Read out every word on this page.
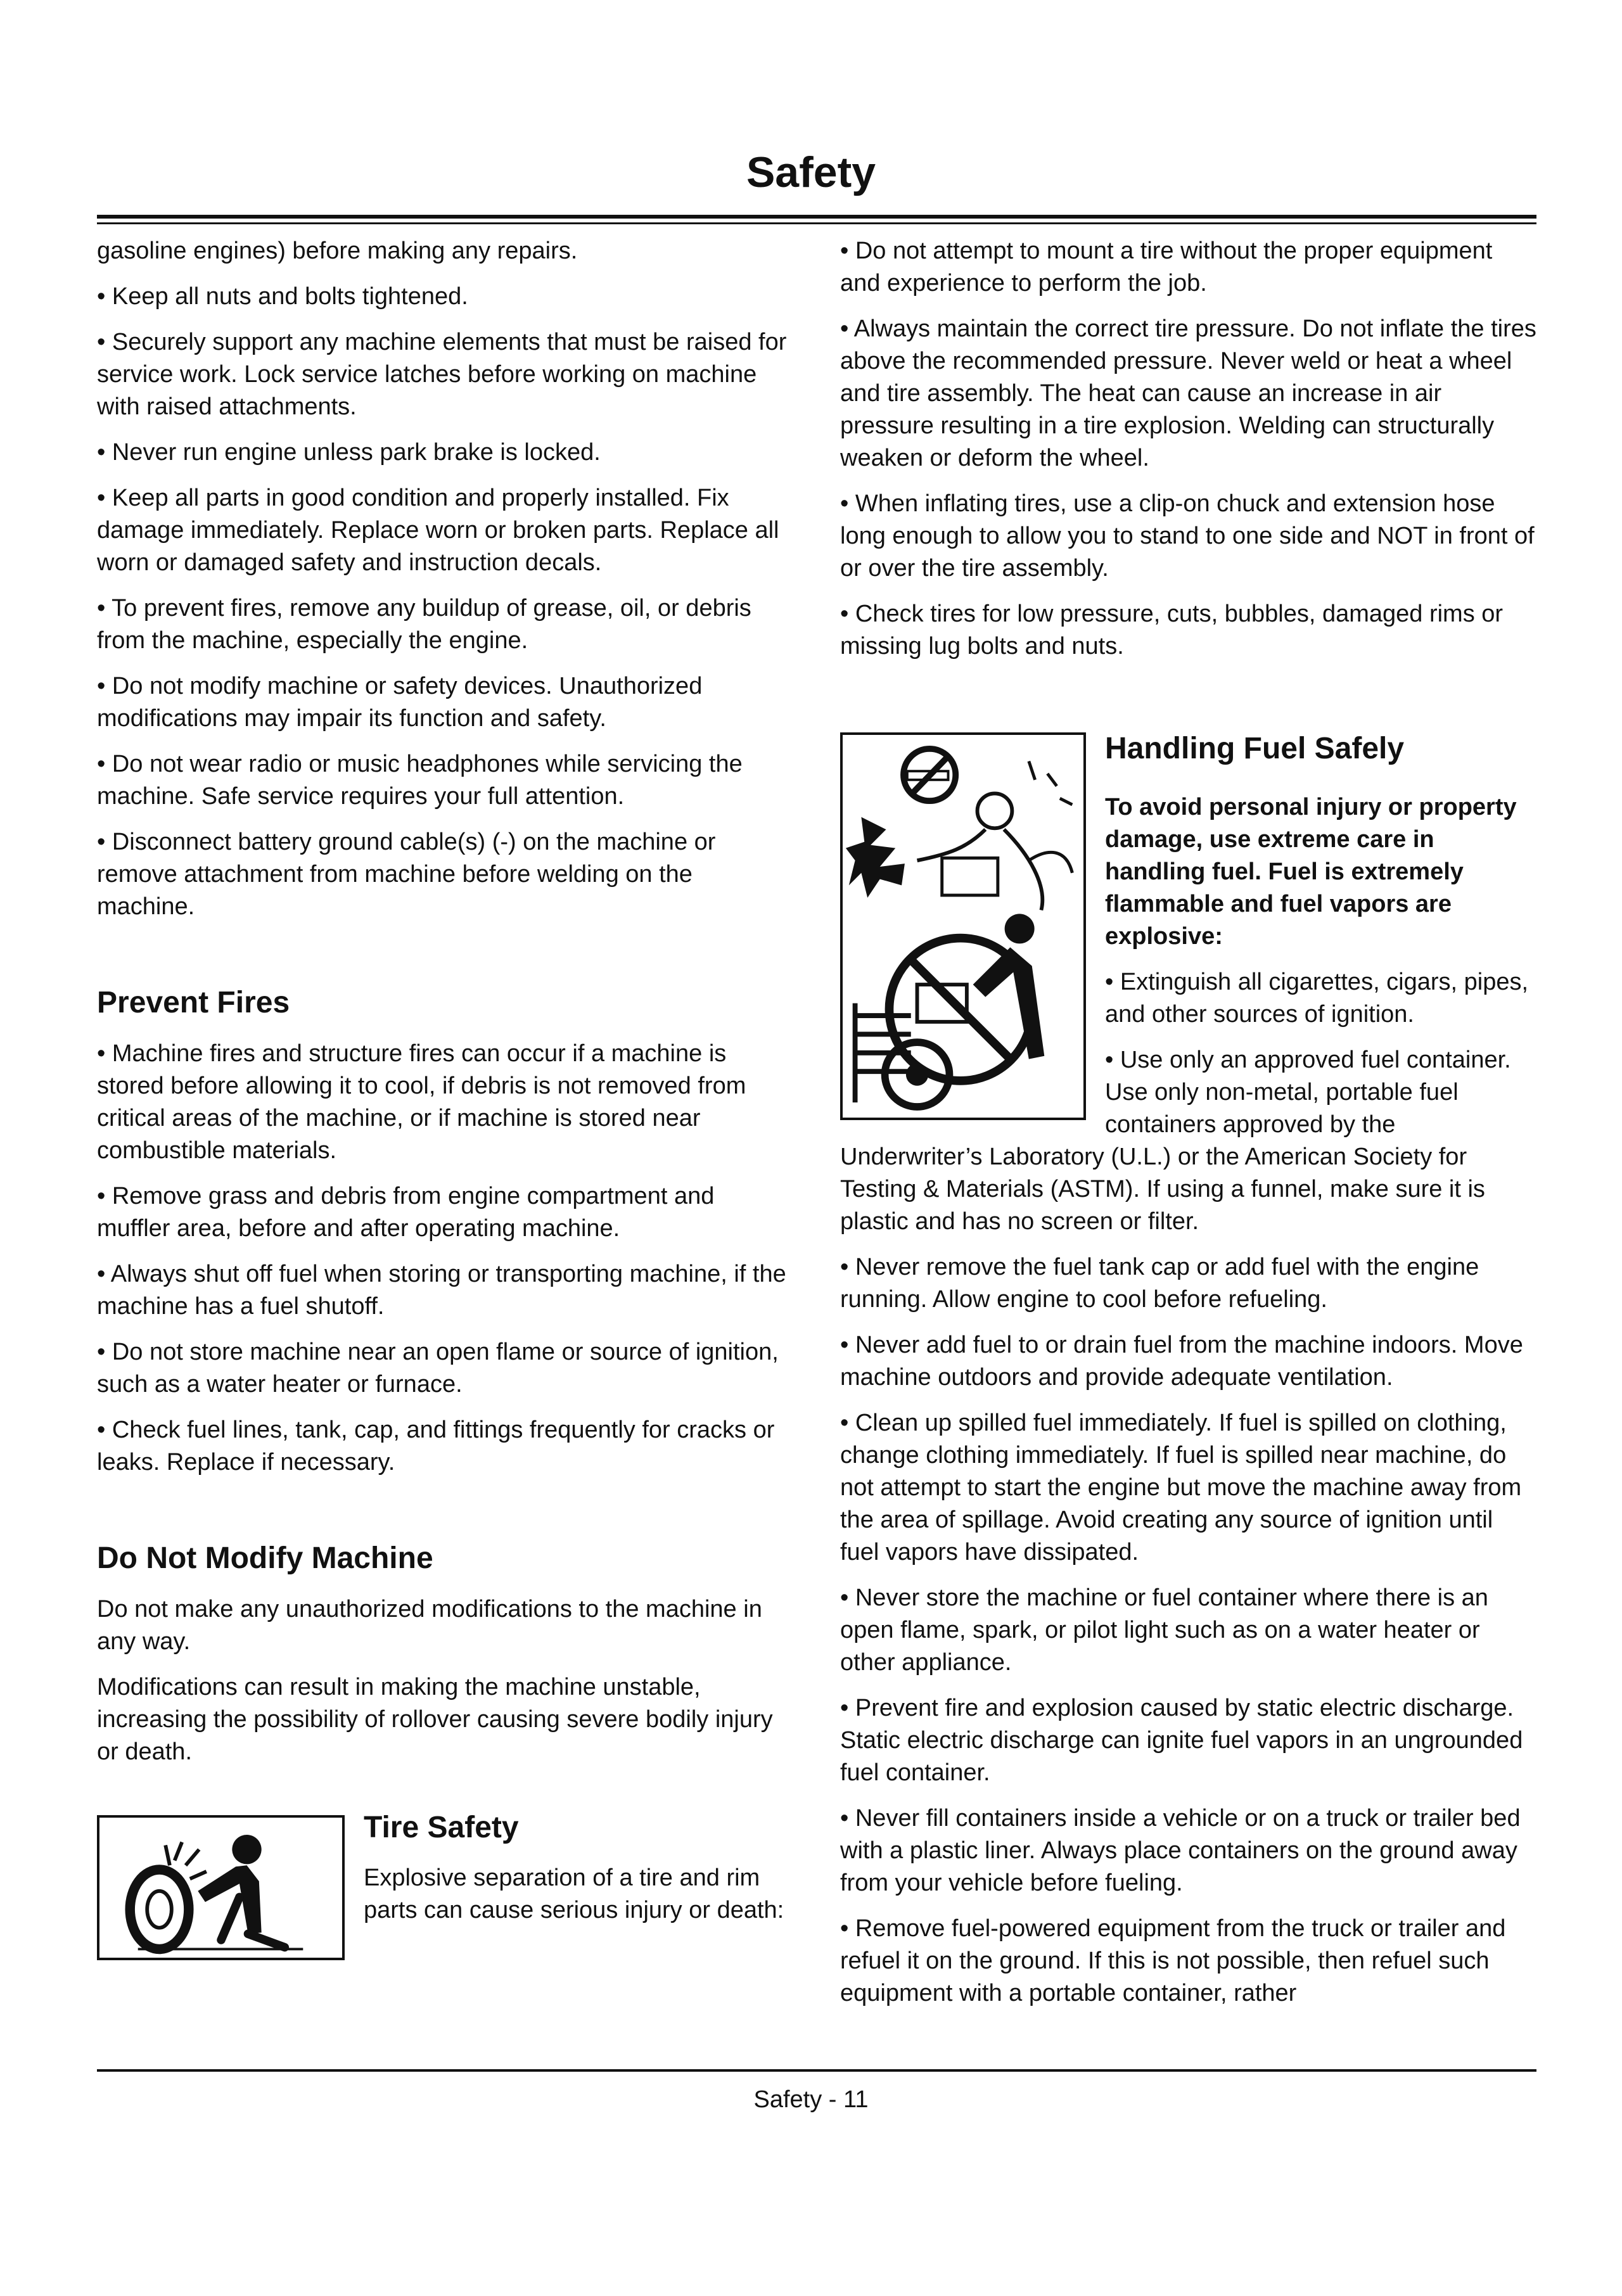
Safety

gasoline engines) before making any repairs.

• Keep all nuts and bolts tightened.

• Securely support any machine elements that must be raised for service work. Lock service latches before working on machine with raised attachments.

• Never run engine unless park brake is locked.

• Keep all parts in good condition and properly installed. Fix damage immediately. Replace worn or broken parts. Replace all worn or damaged safety and instruction decals.

• To prevent fires, remove any buildup of grease, oil, or debris from the machine, especially the engine.

• Do not modify machine or safety devices. Unauthorized modifications may impair its function and safety.

• Do not wear radio or music headphones while servicing the machine. Safe service requires your full attention.

• Disconnect battery ground cable(s) (-) on the machine or remove attachment from machine before welding on the machine.

Prevent Fires

• Machine fires and structure fires can occur if a machine is stored before allowing it to cool, if debris is not removed from critical areas of the machine, or if machine is stored near combustible materials.

• Remove grass and debris from engine compartment and muffler area, before and after operating machine.

• Always shut off fuel when storing or transporting machine, if the machine has a fuel shutoff.

• Do not store machine near an open flame or source of ignition, such as a water heater or furnace.

• Check fuel lines, tank, cap, and fittings frequently for cracks or leaks. Replace if necessary.

Do Not Modify Machine

Do not make any unauthorized modifications to the machine in any way.

Modifications can result in making the machine unstable, increasing the possibility of rollover causing severe bodily injury or death.

Tire Safety

Explosive separation of a tire and rim parts can cause serious injury or death:

• Do not attempt to mount a tire without the proper equipment and experience to perform the job.

• Always maintain the correct tire pressure. Do not inflate the tires above the recommended pressure. Never weld or heat a wheel and tire assembly. The heat can cause an increase in air pressure resulting in a tire explosion. Welding can structurally weaken or deform the wheel.

• When inflating tires, use a clip-on chuck and extension hose long enough to allow you to stand to one side and NOT in front of or over the tire assembly.

• Check tires for low pressure, cuts, bubbles, damaged rims or missing lug bolts and nuts.

Handling Fuel Safely

To avoid personal injury or property damage, use extreme care in handling fuel. Fuel is extremely flammable and fuel vapors are explosive:

• Extinguish all cigarettes, cigars, pipes, and other sources of ignition.

• Use only an approved fuel container. Use only non-metal, portable fuel containers approved by the Underwriter’s Laboratory (U.L.) or the American Society for Testing & Materials (ASTM). If using a funnel, make sure it is plastic and has no screen or filter.

• Never remove the fuel tank cap or add fuel with the engine running. Allow engine to cool before refueling.

• Never add fuel to or drain fuel from the machine indoors. Move machine outdoors and provide adequate ventilation.

• Clean up spilled fuel immediately. If fuel is spilled on clothing, change clothing immediately. If fuel is spilled near machine, do not attempt to start the engine but move the machine away from the area of spillage. Avoid creating any source of ignition until fuel vapors have dissipated.

• Never store the machine or fuel container where there is an open flame, spark, or pilot light such as on a water heater or other appliance.

• Prevent fire and explosion caused by static electric discharge. Static electric discharge can ignite fuel vapors in an ungrounded fuel container.

• Never fill containers inside a vehicle or on a truck or trailer bed with a plastic liner. Always place containers on the ground away from your vehicle before fueling.

• Remove fuel-powered equipment from the truck or trailer and refuel it on the ground. If this is not possible, then refuel such equipment with a portable container, rather

Safety - 11
